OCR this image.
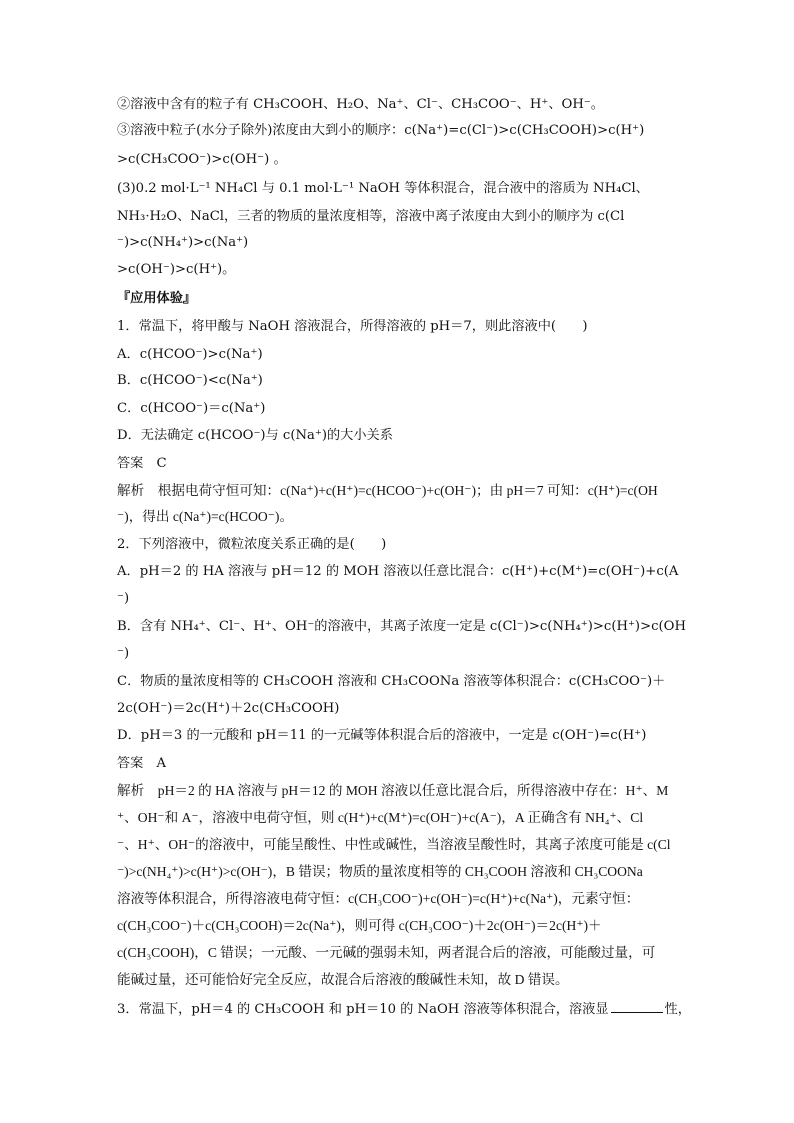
②溶液中含有的粒子有 CH₃COOH、H₂O、Na⁺、Cl⁻、CH₃COO⁻、H⁺、OH⁻。
③溶液中粒子(水分子除外)浓度由大到小的顺序：c(Na⁺)=c(Cl⁻)>c(CH₃COOH)>c(H⁺)
>c(CH₃COO⁻)>c(OH⁻) 。
(3)0.2 mol·L⁻¹ NH₄Cl 与 0.1 mol·L⁻¹ NaOH 等体积混合，混合液中的溶质为 NH₄Cl、
NH₃·H₂O、NaCl，三者的物质的量浓度相等，溶液中离子浓度由大到小的顺序为 c(Cl
⁻)>c(NH₄⁺)>c(Na⁺)
>c(OH⁻)>c(H⁺)。
『应用体验』
1．常温下，将甲酸与 NaOH 溶液混合，所得溶液的 pH＝7，则此溶液中(　　)
A．c(HCOO⁻)>c(Na⁺)
B．c(HCOO⁻)<c(Na⁺)
C．c(HCOO⁻)＝c(Na⁺)
D．无法确定 c(HCOO⁻)与 c(Na⁺)的大小关系
答案　C
解析　根据电荷守恒可知：c(Na⁺)+c(H⁺)=c(HCOO⁻)+c(OH⁻)；由 pH＝7 可知：c(H⁺)=c(OH
⁻)，得出 c(Na⁺)=c(HCOO⁻)。
2．下列溶液中，微粒浓度关系正确的是(　　)
A．pH＝2 的 HA 溶液与 pH＝12 的 MOH 溶液以任意比混合：c(H⁺)+c(M⁺)=c(OH⁻)+c(A
⁻)
B．含有 NH₄⁺、Cl⁻、H⁺、OH⁻的溶液中，其离子浓度一定是 c(Cl⁻)>c(NH₄⁺)>c(H⁺)>c(OH
⁻)
C．物质的量浓度相等的 CH₃COOH 溶液和 CH₃COONa 溶液等体积混合：c(CH₃COO⁻)＋
2c(OH⁻)＝2c(H⁺)＋2c(CH₃COOH)
D．pH＝3 的一元酸和 pH＝11 的一元碱等体积混合后的溶液中，一定是 c(OH⁻)=c(H⁺)
答案　A
解析　pH＝2 的 HA 溶液与 pH＝12 的 MOH 溶液以任意比混合后，所得溶液中存在：H⁺、M
⁺、OH⁻和 A⁻，溶液中电荷守恒，则 c(H⁺)+c(M⁺)=c(OH⁻)+c(A⁻)，A 正确含有 NH₄⁺、Cl
⁻、H⁺、OH⁻的溶液中，可能呈酸性、中性或碱性，当溶液呈酸性时，其离子浓度可能是 c(Cl
⁻)>c(NH₄⁺)>c(H⁺)>c(OH⁻)，B 错误；物质的量浓度相等的 CH₃COOH 溶液和 CH₃COONa
溶液等体积混合，所得溶液电荷守恒：c(CH₃COO⁻)+c(OH⁻)=c(H⁺)+c(Na⁺)，元素守恒：
c(CH₃COO⁻)＋c(CH₃COOH)＝2c(Na⁺)，则可得 c(CH₃COO⁻)＋2c(OH⁻)＝2c(H⁺)＋
c(CH₃COOH)，C 错误；一元酸、一元碱的强弱未知，两者混合后的溶液，可能酸过量，可
能碱过量，还可能恰好完全反应，故混合后溶液的酸碱性未知，故 D 错误。
3．常温下，pH＝4 的 CH₃COOH 和 pH＝10 的 NaOH 溶液等体积混合，溶液显	性，
